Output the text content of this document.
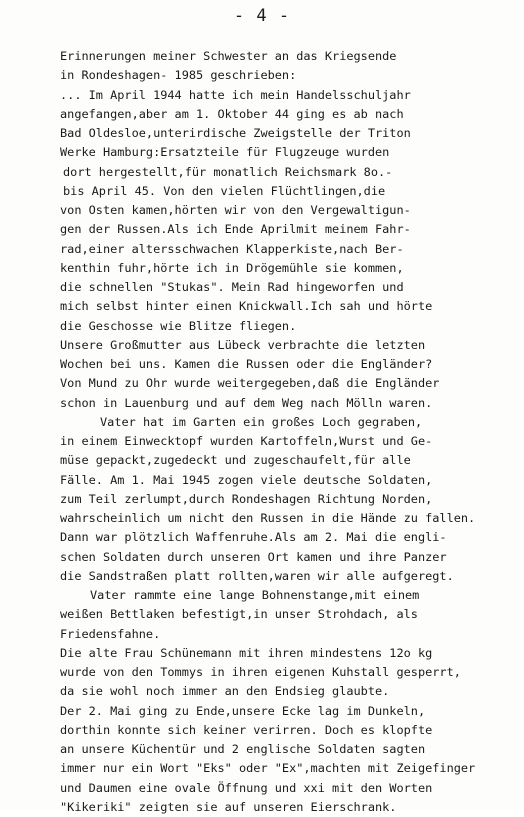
- 4 -
Erinnerungen meiner Schwester an das Kriegsende
in Rondeshagen- 1985 geschrieben:
... Im April 1944 hatte ich mein Handelsschuljahr
angefangen,aber am 1. Oktober 44 ging es ab nach
Bad Oldesloe,unterirdische Zweigstelle der Triton
Werke Hamburg:Ersatzteile für Flugzeuge wurden
dort hergestellt,für monatlich Reichsmark 8o.-
bis April 45. Von den vielen Flüchtlingen,die
von Osten kamen,hörten wir von den Vergewaltigun-
gen der Russen.Als ich Ende Aprilmit meinem Fahr-
rad,einer altersschwachen Klapperkiste,nach Ber-
kenthin fuhr,hörte ich in Drögemühle sie kommen,
die schnellen "Stukas". Mein Rad hingeworfen und
mich selbst hinter einen Knickwall.Ich sah und hörte
die Geschosse wie Blitze fliegen.
Unsere Großmutter aus Lübeck verbrachte die letzten
Wochen bei uns. Kamen die Russen oder die Engländer?
Von Mund zu Ohr wurde weitergegeben,daß die Engländer
schon in Lauenburg und auf dem Weg nach Mölln waren.
Vater hat im Garten ein großes Loch gegraben,
in einem Einwecktopf wurden Kartoffeln,Wurst und Ge-
müse gepackt,zugedeckt und zugeschaufelt,für alle
Fälle. Am 1. Mai 1945 zogen viele deutsche Soldaten,
zum Teil zerlumpt,durch Rondeshagen Richtung Norden,
wahrscheinlich um nicht den Russen in die Hände zu fallen.
Dann war plötzlich Waffenruhe.Als am 2. Mai die engli-
schen Soldaten durch unseren Ort kamen und ihre Panzer
die Sandstraßen platt rollten,waren wir alle aufgeregt.
Vater rammte eine lange Bohnenstange,mit einem
weißen Bettlaken befestigt,in unser Strohdach, als
Friedensfahne.
Die alte Frau Schünemann mit ihren mindestens 12o kg
wurde von den Tommys in ihren eigenen Kuhstall gesperrt,
da sie wohl noch immer an den Endsieg glaubte.
Der 2. Mai ging zu Ende,unsere Ecke lag im Dunkeln,
dorthin konnte sich keiner verirren. Doch es klopfte
an unsere Küchentür und 2 englische Soldaten sagten
immer nur ein Wort "Eks" oder "Ex",machten mit Zeigefinger
und Daumen eine ovale Öffnung und xxi mit den Worten
"Kikeriki" zeigten sie auf unseren Eierschrank.
